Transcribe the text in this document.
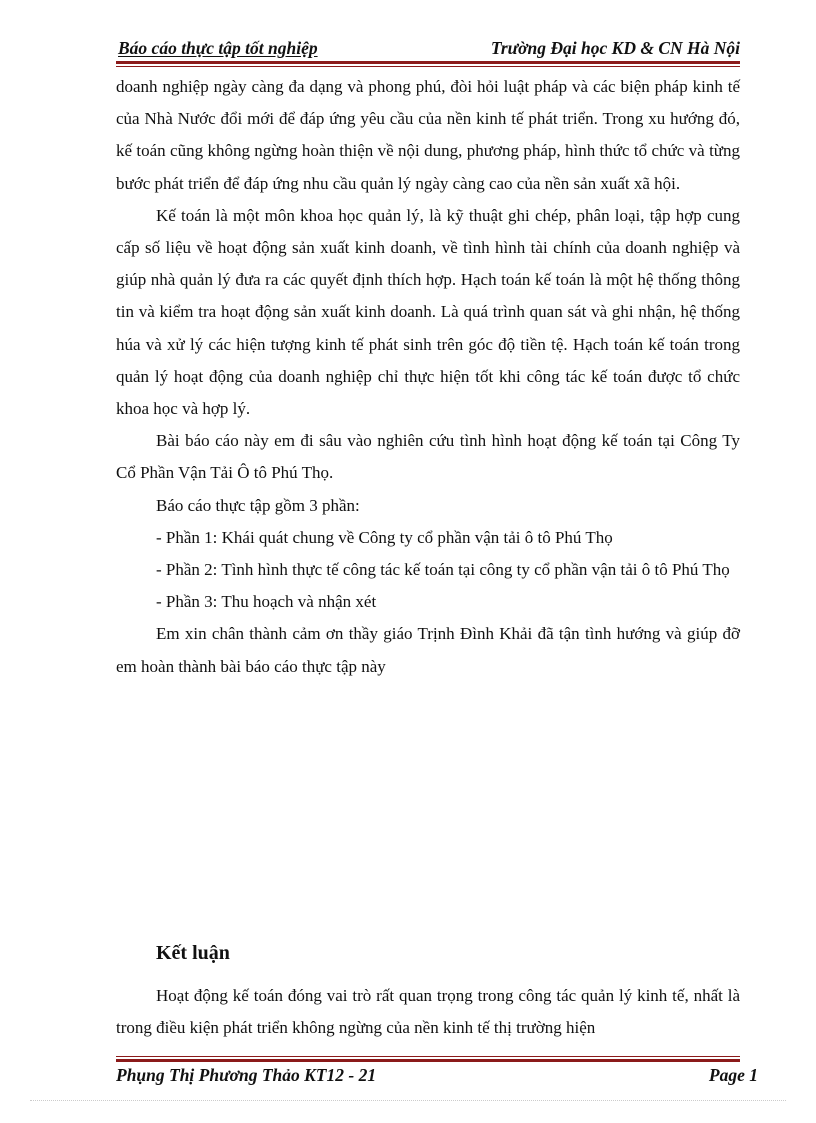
Báo cáo thực tập tốt nghiệp	Trường Đại học KD & CN Hà Nội

doanh nghiệp ngày càng đa dạng và phong phú, đòi hỏi luật pháp và các biện pháp kinh tế của Nhà Nước đổi mới để đáp ứng yêu cầu của nền kinh tế phát triển. Trong xu hướng đó, kế toán cũng không ngừng hoàn thiện về nội dung, phương pháp, hình thức tổ chức và từng bước phát triển để đáp ứng nhu cầu quản lý ngày càng cao của nền sản xuất xã hội.

Kế toán là một môn khoa học quản lý, là kỹ thuật ghi chép, phân loại, tập hợp cung cấp số liệu về hoạt động sản xuất kinh doanh, về tình hình tài chính của doanh nghiệp và giúp nhà quản lý đưa ra các quyết định thích hợp. Hạch toán kế toán là một hệ thống thông tin và kiểm tra hoạt động sản xuất kinh doanh. Là quá trình quan sát và ghi nhận, hệ thống húa và xử lý các hiện tượng kinh tế phát sinh trên góc độ tiền tệ. Hạch toán kế toán trong quản lý hoạt động của doanh nghiệp chỉ thực hiện tốt khi công tác kế toán được tổ chức khoa học và hợp lý.

Bài báo cáo này em đi sâu vào nghiên cứu tình hình hoạt động kế toán tại Công Ty Cổ Phần Vận Tải Ô tô Phú Thọ.

Báo cáo thực tập gồm 3 phần:

- Phần 1: Khái quát chung về Công ty cổ phần vận tải ô tô Phú Thọ

- Phần 2: Tình hình thực tế công tác kế toán tại công ty cổ phần vận tải ô tô Phú Thọ

- Phần 3: Thu hoạch và nhận xét

Em xin chân thành cảm ơn thầy giáo Trịnh Đình Khải đã tận tình hướng và giúp đỡ em hoàn thành bài báo cáo thực tập này

Kết luận

Hoạt động kế toán đóng vai trò rất quan trọng trong công tác quản lý kinh tế, nhất là trong điều kiện phát triển không ngừng của nền kinh tế thị trường hiện

Phụng Thị Phương Thảo KT12 - 21	Page 1
